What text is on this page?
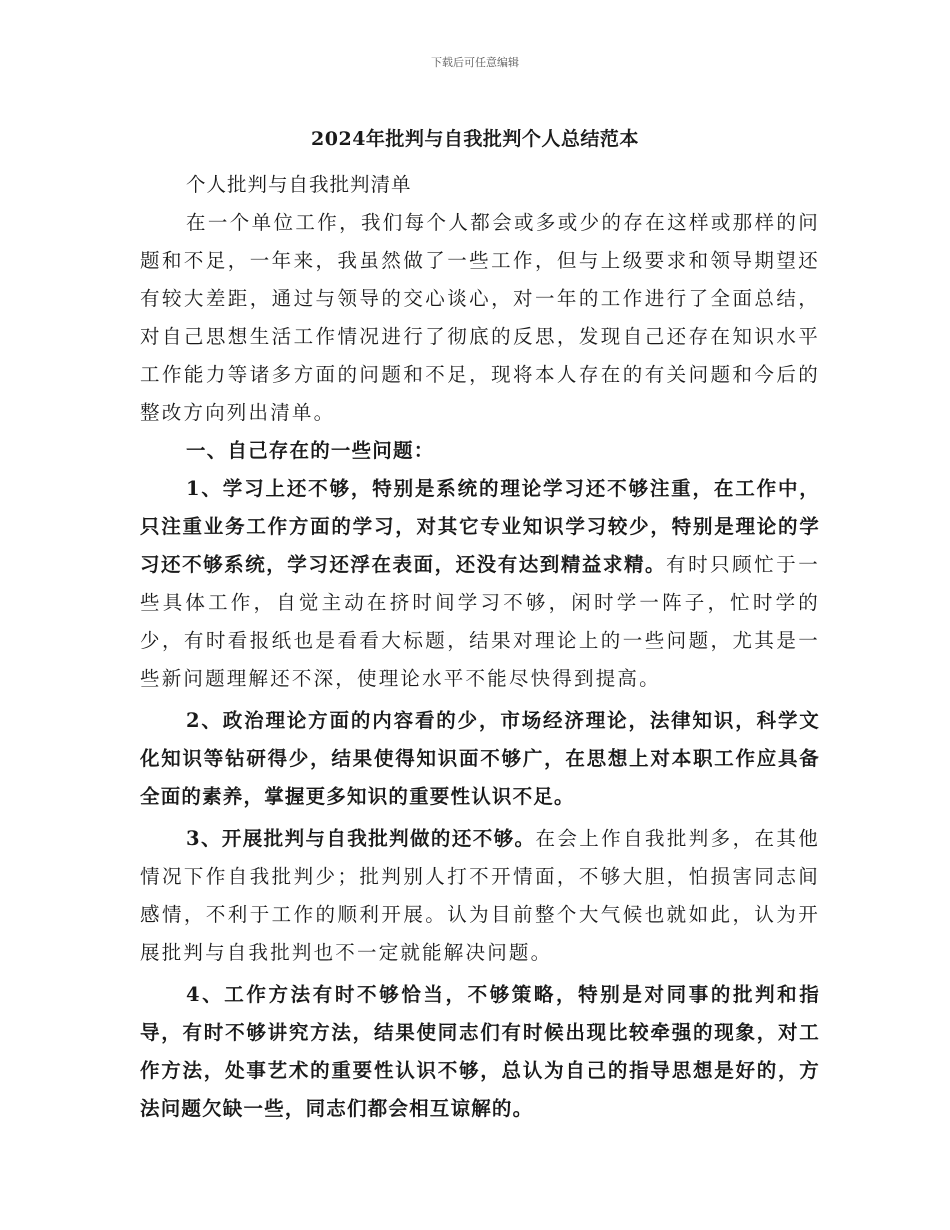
下载后可任意编辑
2024年批判与自我批判个人总结范本

个人批判与自我批判清单

在一个单位工作，我们每个人都会或多或少的存在这样或那样的问题和不足，一年来，我虽然做了一些工作，但与上级要求和领导期望还有较大差距，通过与领导的交心谈心，对一年的工作进行了全面总结，对自己思想生活工作情况进行了彻底的反思，发现自己还存在知识水平工作能力等诸多方面的问题和不足，现将本人存在的有关问题和今后的整改方向列出清单。

一、自己存在的一些问题：

1、学习上还不够，特别是系统的理论学习还不够注重，在工作中，只注重业务工作方面的学习，对其它专业知识学习较少，特别是理论的学习还不够系统，学习还浮在表面，还没有达到精益求精。有时只顾忙于一些具体工作，自觉主动在挤时间学习不够，闲时学一阵子，忙时学的少，有时看报纸也是看看大标题，结果对理论上的一些问题，尤其是一些新问题理解还不深，使理论水平不能尽快得到提高。

2、政治理论方面的内容看的少，市场经济理论，法律知识，科学文化知识等钻研得少，结果使得知识面不够广，在思想上对本职工作应具备全面的素养，掌握更多知识的重要性认识不足。

3、开展批判与自我批判做的还不够。在会上作自我批判多，在其他情况下作自我批判少；批判别人打不开情面，不够大胆，怕损害同志间感情，不利于工作的顺利开展。认为目前整个大气候也就如此，认为开展批判与自我批判也不一定就能解决问题。

4、工作方法有时不够恰当，不够策略，特别是对同事的批判和指导，有时不够讲究方法，结果使同志们有时候出现比较牵强的现象，对工作方法，处事艺术的重要性认识不够，总认为自己的指导思想是好的，方法问题欠缺一些，同志们都会相互谅解的。
